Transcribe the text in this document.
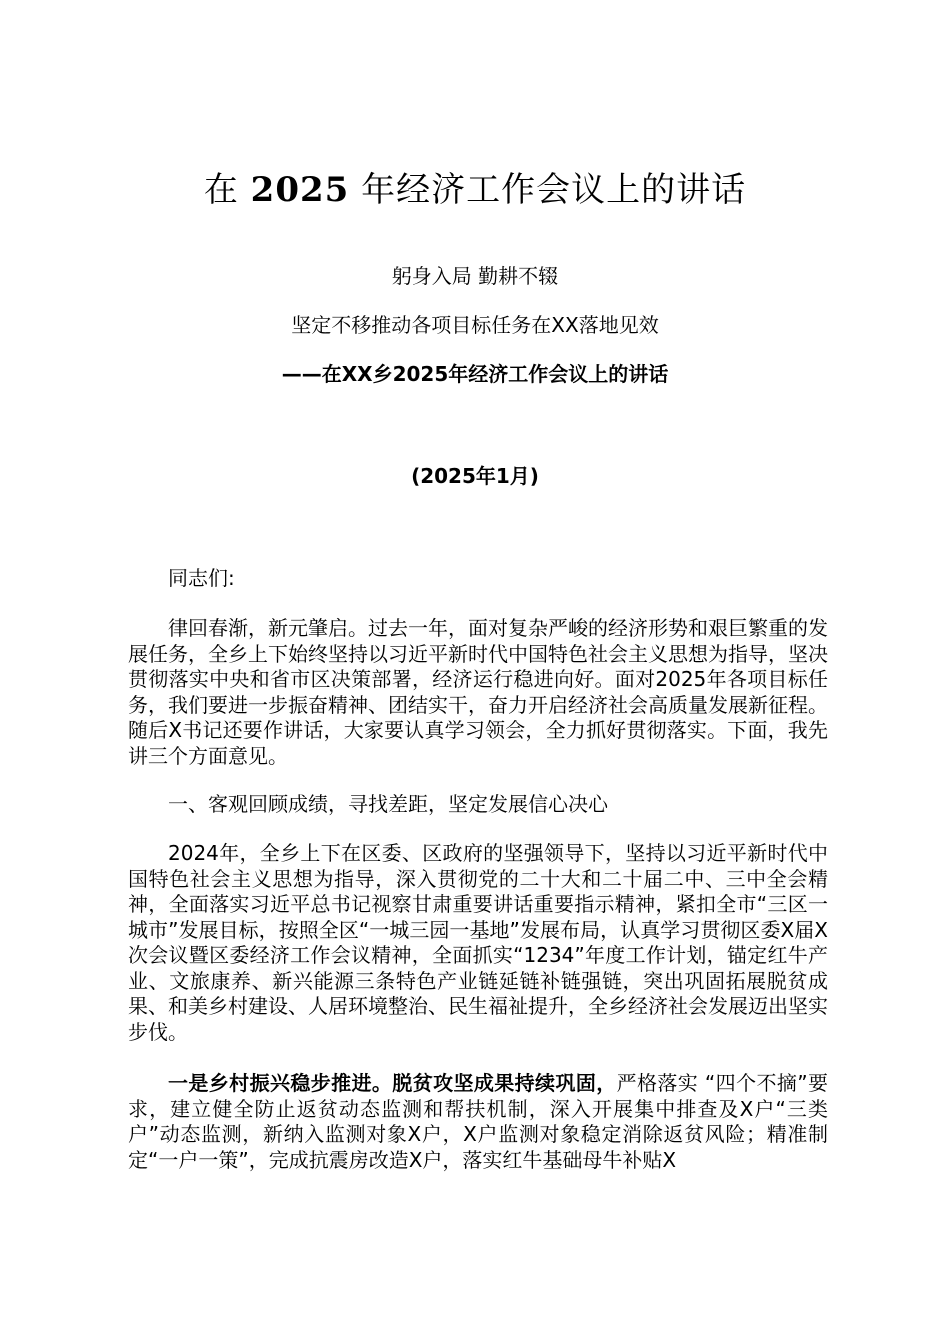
在 2025 年经济工作会议上的讲话

躬身入局 勤耕不辍

坚定不移推动各项目标任务在XX落地见效

——在XX乡2025年经济工作会议上的讲话

(2025年1月)

同志们:

律回春渐，新元肇启。过去一年，面对复杂严峻的经济形势和艰巨繁重的发展任务，全乡上下始终坚持以习近平新时代中国特色社会主义思想为指导，坚决贯彻落实中央和省市区决策部署，经济运行稳进向好。面对2025年各项目标任务，我们要进一步振奋精神、团结实干，奋力开启经济社会高质量发展新征程。随后X书记还要作讲话，大家要认真学习领会，全力抓好贯彻落实。下面，我先讲三个方面意见。

一、客观回顾成绩，寻找差距，坚定发展信心决心

2024年，全乡上下在区委、区政府的坚强领导下，坚持以习近平新时代中国特色社会主义思想为指导，深入贯彻党的二十大和二十届二中、三中全会精神，全面落实习近平总书记视察甘肃重要讲话重要指示精神，紧扣全市“三区一城市”发展目标，按照全区“一城三园一基地”发展布局，认真学习贯彻区委X届X次会议暨区委经济工作会议精神，全面抓实“1234”年度工作计划，锚定红牛产业、文旅康养、新兴能源三条特色产业链延链补链强链，突出巩固拓展脱贫成果、和美乡村建设、人居环境整治、民生福祉提升，全乡经济社会发展迈出坚实步伐。

一是乡村振兴稳步推进。脱贫攻坚成果持续巩固，严格落实 “四个不摘”要求，建立健全防止返贫动态监测和帮扶机制，深入开展集中排查及X户“三类户”动态监测，新纳入监测对象X户，X户监测对象稳定消除返贫风险；精准制定“一户一策”，完成抗震房改造X户，落实红牛基础母牛补贴X
